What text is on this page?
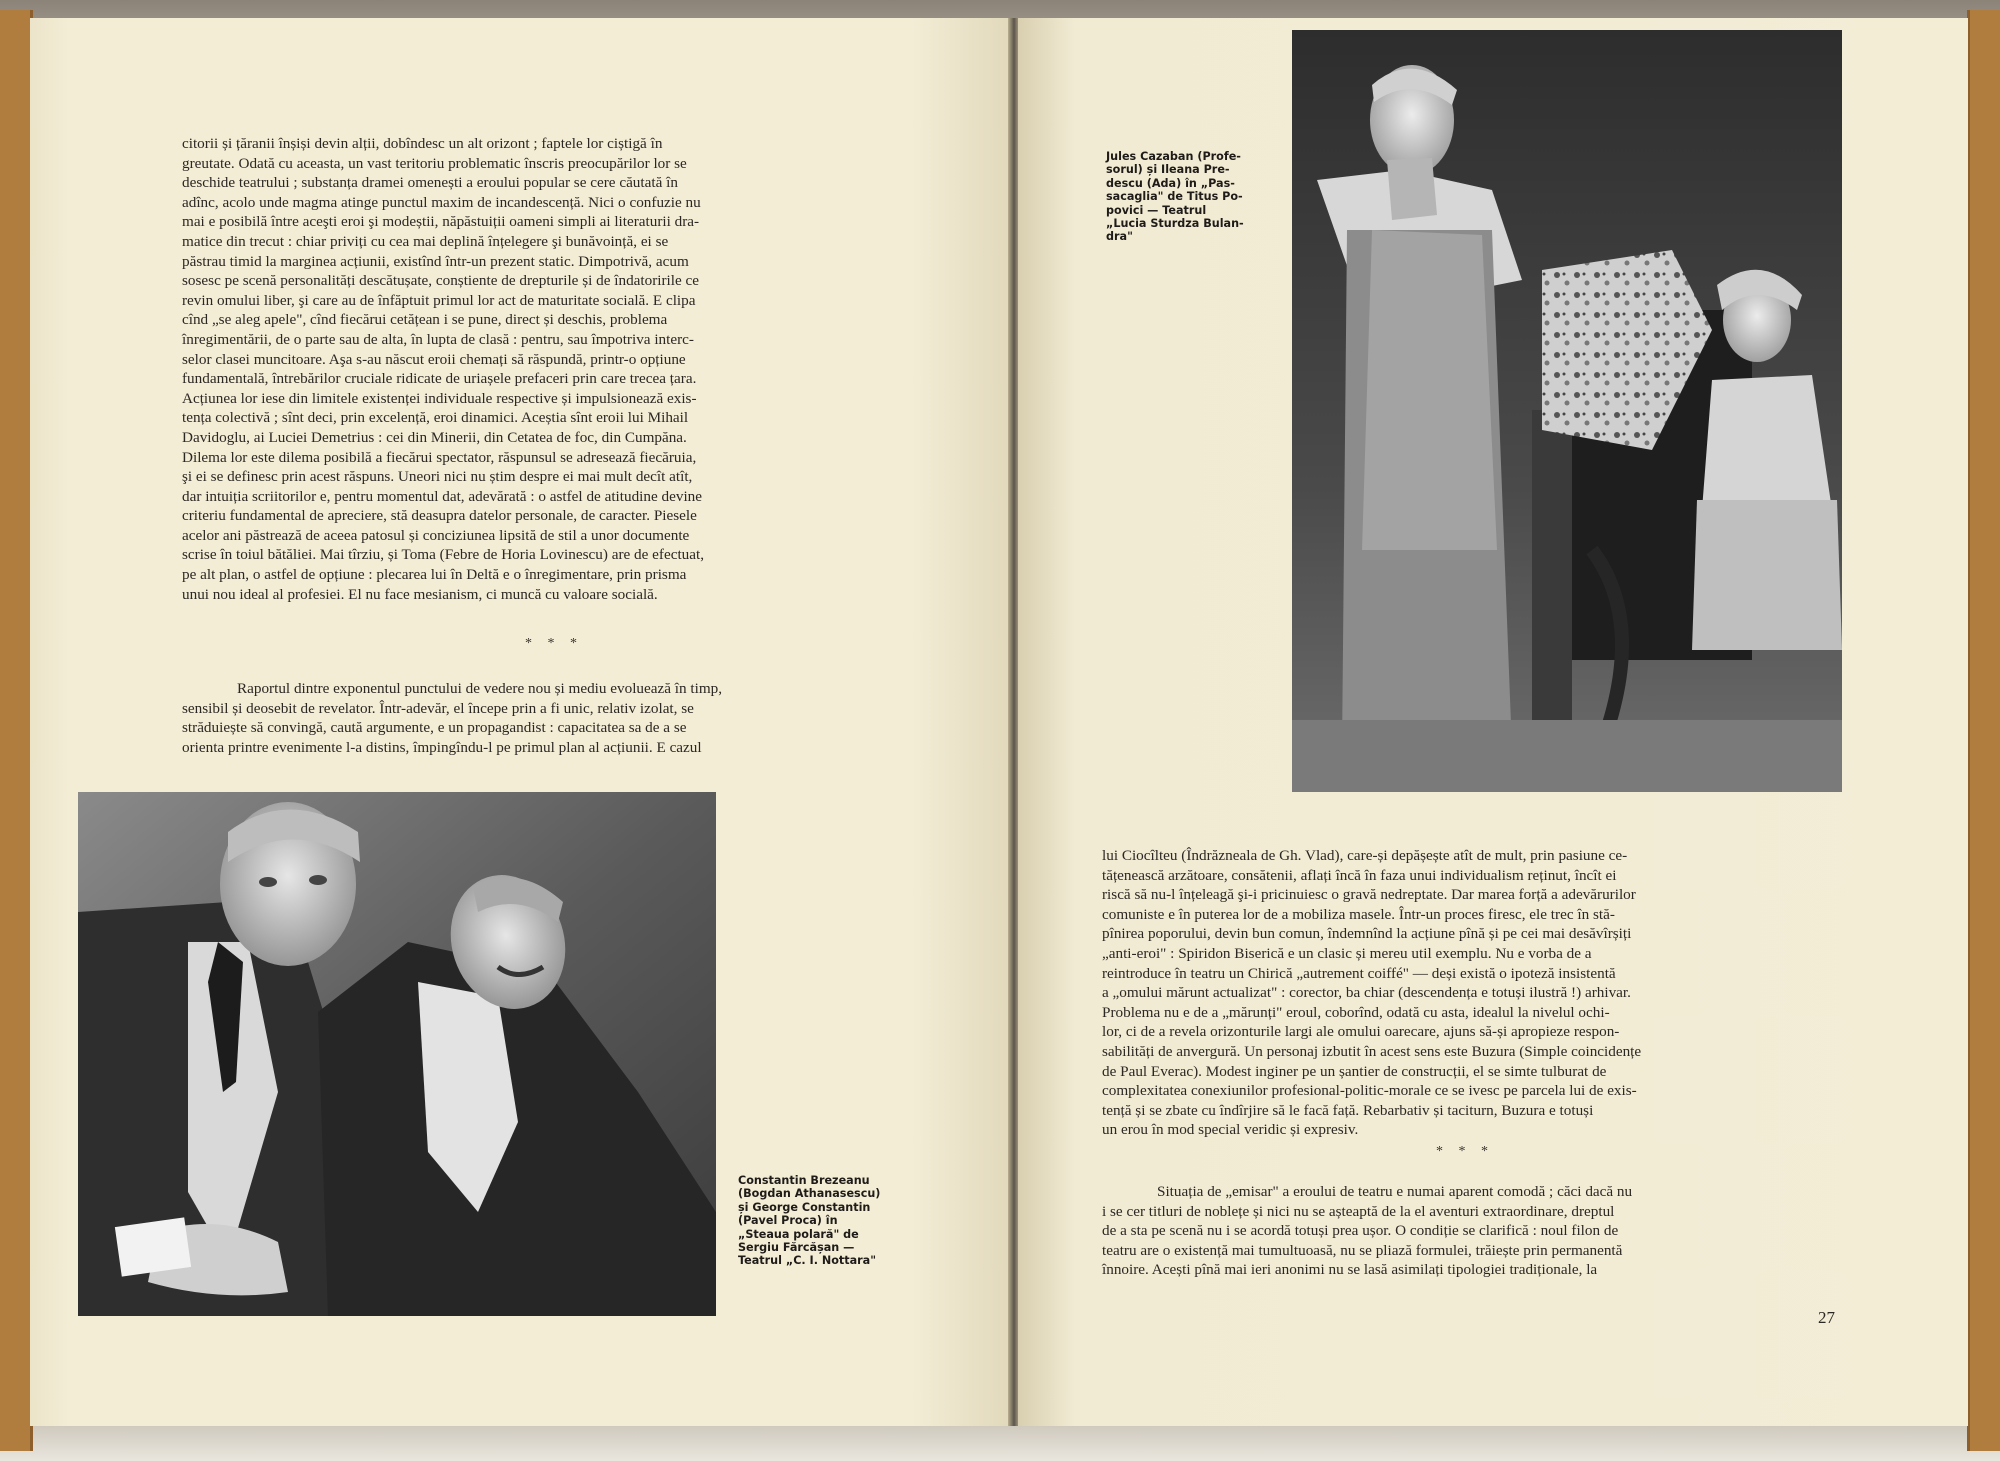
citorii și țăranii înșiși devin alții, dobîndesc un alt orizont ; faptele lor ciștigă în

greutate. Odată cu aceasta, un vast teritoriu problematic înscris preocupărilor lor se

deschide teatrului ; substanța dramei omenești a eroului popular se cere căutată în

adînc, acolo unde magma atinge punctul maxim de incandescență. Nici o confuzie nu

mai e posibilă între aceşti eroi şi modeștii, năpăstuiții oameni simpli ai literaturii dra-

matice din trecut : chiar priviți cu cea mai deplină înțelegere şi bunăvoință, ei se

păstrau timid la marginea acțiunii, existînd într-un prezent static. Dimpotrivă, acum

sosesc pe scenă personalități descătușate, conștiente de drepturile și de îndatoririle ce

revin omului liber, şi care au de înfăptuit primul lor act de maturitate socială. E clipa

cînd „se aleg apele", cînd fiecărui cetățean i se pune, direct și deschis, problema

înregimentării, de o parte sau de alta, în lupta de clasă : pentru, sau împotriva interc-

selor clasei muncitoare. Aşa s-au născut eroii chemați să răspundă, printr-o opțiune

fundamentală, întrebărilor cruciale ridicate de uriașele prefaceri prin care trecea țara.

Acțiunea lor iese din limitele existenței individuale respective și impulsionează exis-

tența colectivă ; sînt deci, prin excelență, eroi dinamici. Aceștia sînt eroii lui Mihail

Davidoglu, ai Luciei Demetrius : cei din Minerii, din Cetatea de foc, din Cumpăna.

Dilema lor este dilema posibilă a fiecărui spectator, răspunsul se adresează fiecăruia,

şi ei se definesc prin acest răspuns. Uneori nici nu știm despre ei mai mult decît atît,

dar intuiția scriitorilor e, pentru momentul dat, adevărată : o astfel de atitudine devine

criteriu fundamental de apreciere, stă deasupra datelor personale, de caracter. Piesele

acelor ani păstrează de aceea patosul și conciziunea lipsită de stil a unor documente

scrise în toiul bătăliei. Mai tîrziu, și Toma (Febre de Horia Lovinescu) are de efectuat,

pe alt plan, o astfel de opțiune : plecarea lui în Deltă e o înregimentare, prin prisma

unui nou ideal al profesiei. El nu face mesianism, ci muncă cu valoare socială.

* * *

Raportul dintre exponentul punctului de vedere nou și mediu evoluează în timp,

sensibil și deosebit de revelator. Într-adevăr, el începe prin a fi unic, relativ izolat, se

străduiește să convingă, caută argumente, e un propagandist : capacitatea sa de a se

orienta printre evenimente l-a distins, împingîndu-l pe primul plan al acțiunii. E cazul

Constantin Brezeanu
(Bogdan Athanasescu)
și George Constantin
(Pavel Proca) în
„Steaua polară" de
Sergiu Fărcășan —
Teatrul „C. I. Nottara"
Jules Cazaban (Profe-
sorul) și Ileana Pre-
descu (Ada) în „Pas-
sacaglia" de Titus Po-
povici — Teatrul
„Lucia Sturdza Bulan-
dra"

lui Ciocîlteu (Îndrăzneala de Gh. Vlad), care-și depășește atît de mult, prin pasiune ce-

tățenească arzătoare, consătenii, aflați încă în faza unui individualism reținut, încît ei

riscă să nu-l înțeleagă şi-i pricinuiesc o gravă nedreptate. Dar marea forță a adevărurilor

comuniste e în puterea lor de a mobiliza masele. Într-un proces firesc, ele trec în stă-

pînirea poporului, devin bun comun, îndemnînd la acțiune pînă și pe cei mai desăvîrșiți

„anti-eroi" : Spiridon Biserică e un clasic și mereu util exemplu. Nu e vorba de a

reintroduce în teatru un Chirică „autrement coiffé" — deși există o ipoteză insistentă

a „omului mărunt actualizat" : corector, ba chiar (descendența e totuși ilustră !) arhivar.

Problema nu e de a „mărunți" eroul, coborînd, odată cu asta, idealul la nivelul ochi-

lor, ci de a revela orizonturile largi ale omului oarecare, ajuns să-și apropieze respon-

sabilități de anvergură. Un personaj izbutit în acest sens este Buzura (Simple coincidențe

de Paul Everac). Modest inginer pe un șantier de construcții, el se simte tulburat de

complexitatea conexiunilor profesional-politic-morale ce se ivesc pe parcela lui de exis-

tență și se zbate cu îndîrjire să le facă față. Rebarbativ și taciturn, Buzura e totuși

un erou în mod special veridic și expresiv.

* * *

Situația de „emisar" a eroului de teatru e numai aparent comodă ; căci dacă nu

i se cer titluri de noblețe și nici nu se așteaptă de la el aventuri extraordinare, dreptul

de a sta pe scenă nu i se acordă totuși prea ușor. O condiție se clarifică : noul filon de

teatru are o existență mai tumultuoasă, nu se pliază formulei, trăiește prin permanentă

înnoire. Acești pînă mai ieri anonimi nu se lasă asimilați tipologiei tradiționale, la

27
